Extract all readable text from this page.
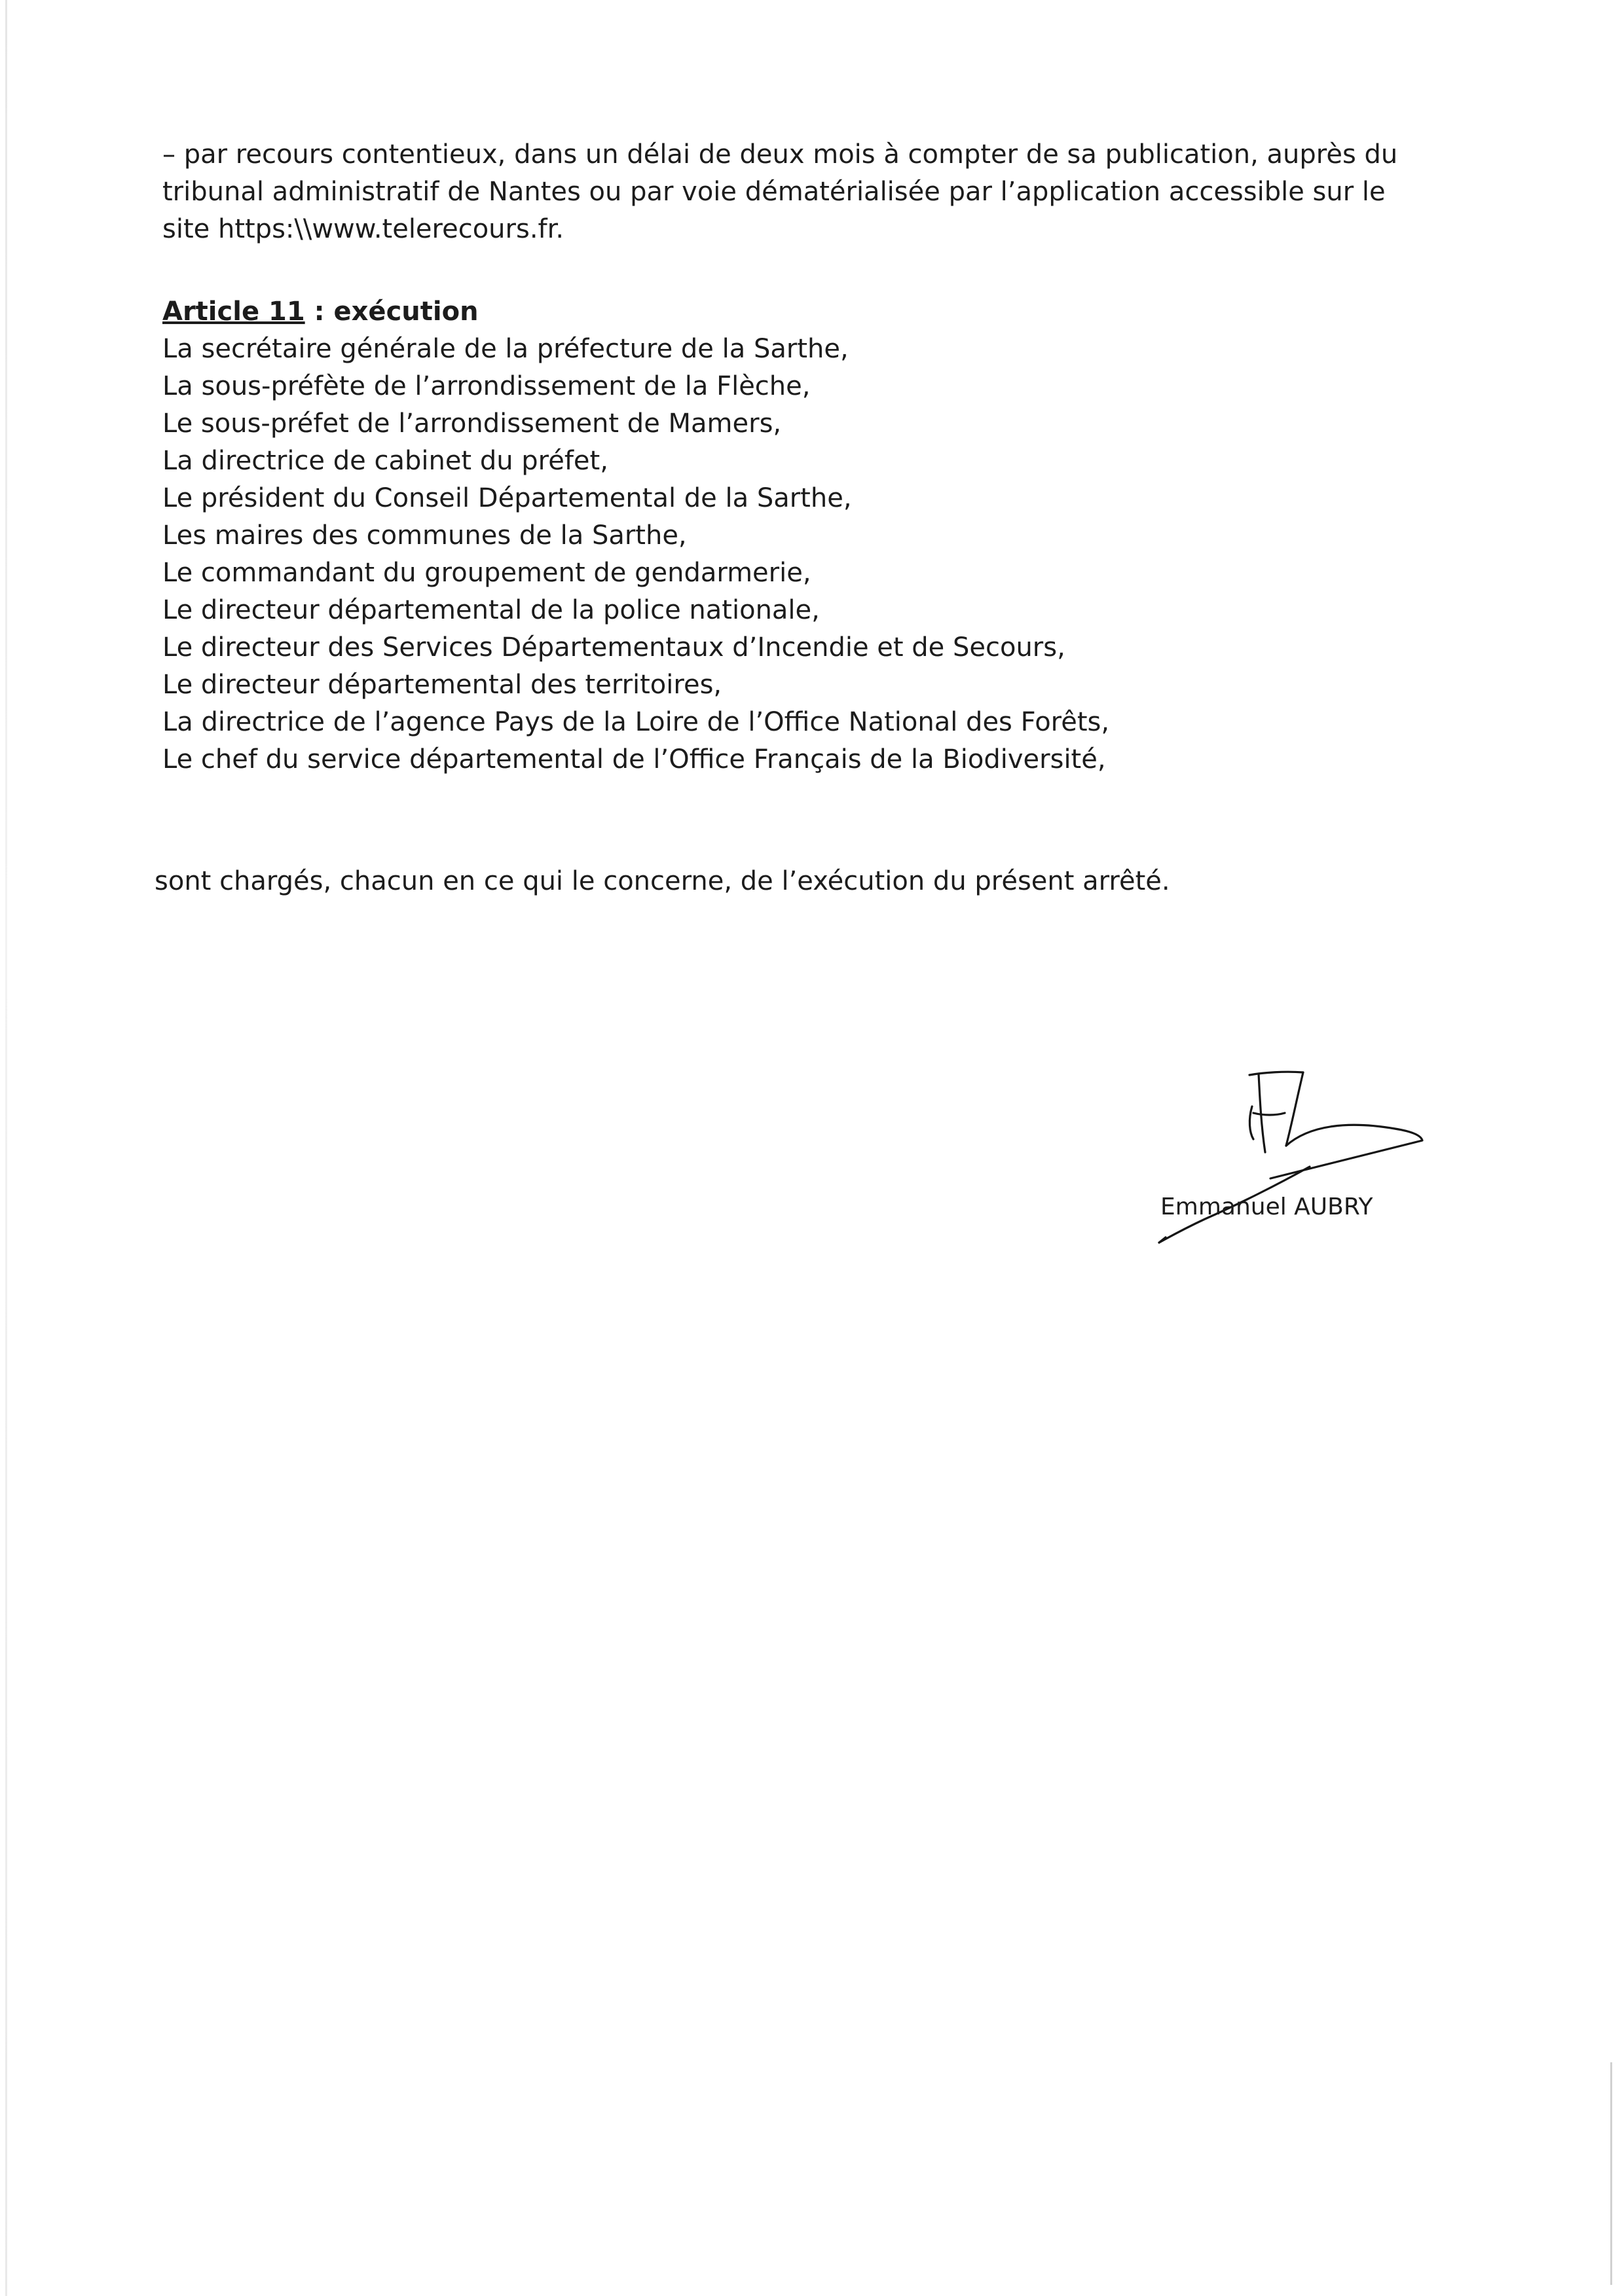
– par recours contentieux, dans un délai de deux mois à compter de sa publication, auprès du

tribunal administratif de Nantes ou par voie dématérialisée par l’application accessible sur le

site https:\\www.telerecours.fr.

Article 11 : exécution

La secrétaire générale de la préfecture de la Sarthe,
La sous-préfète de l’arrondissement de la Flèche,
Le sous-préfet de l’arrondissement de Mamers,
La directrice de cabinet du préfet,
Le président du Conseil Départemental de la Sarthe,
Les maires des communes de la Sarthe,
Le commandant du groupement de gendarmerie,
Le directeur départemental de la police nationale,
Le directeur des Services Départementaux d’Incendie et de Secours,
Le directeur départemental des territoires,
La directrice de l’agence Pays de la Loire de l’Office National des Forêts,
Le chef du service départemental de l’Office Français de la Biodiversité,

sont chargés, chacun en ce qui le concerne, de l’exécution du présent arrêté.

Emmanuel AUBRY
